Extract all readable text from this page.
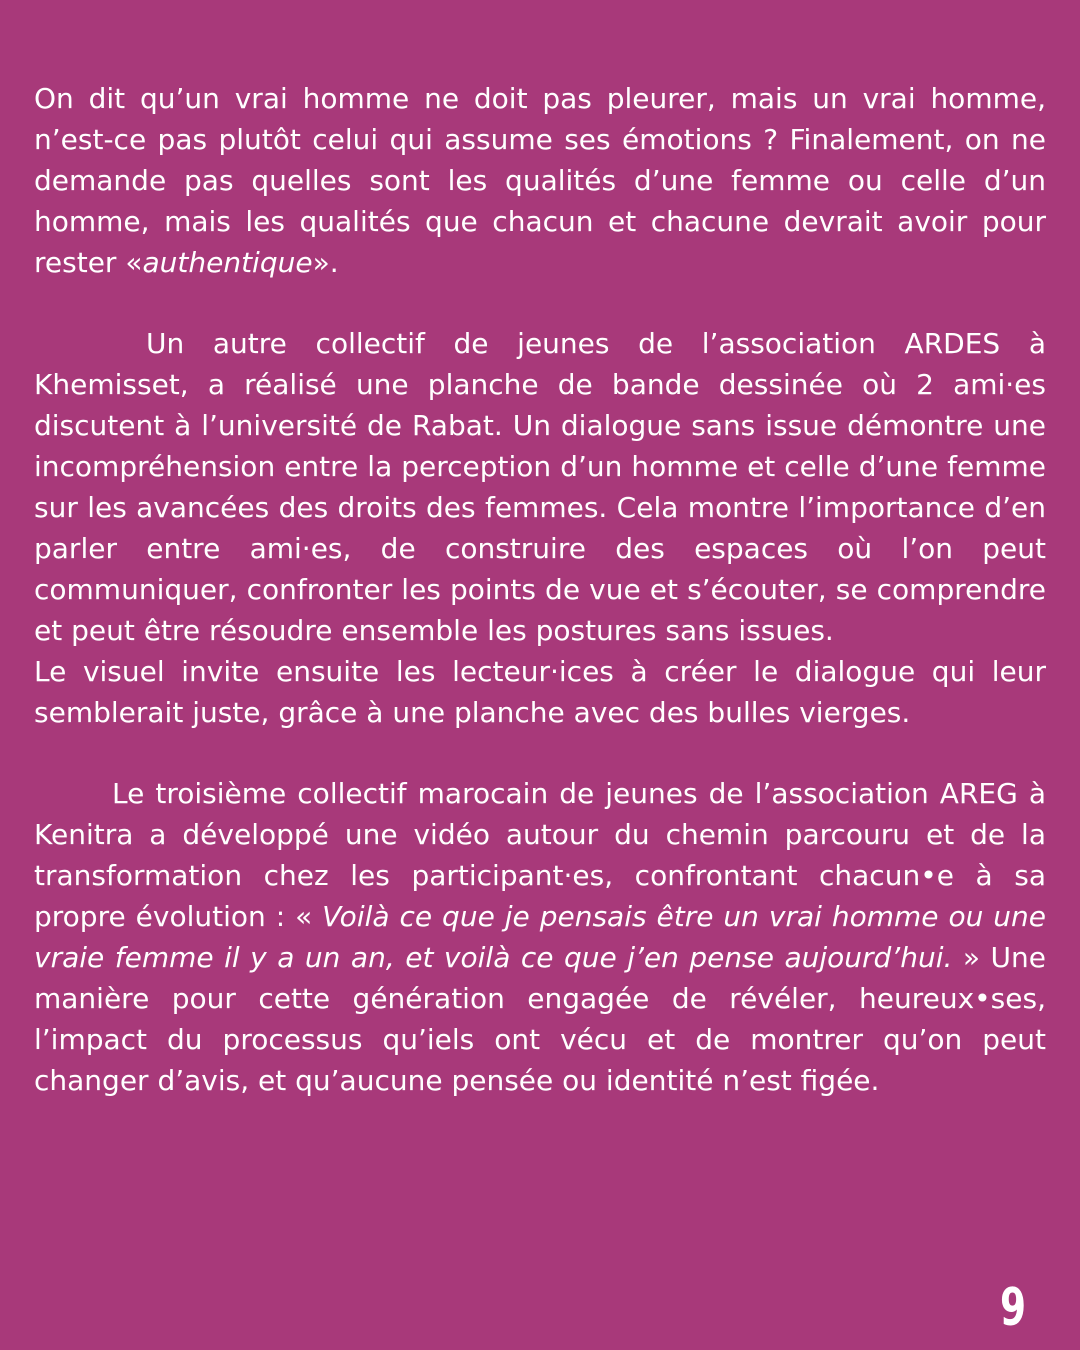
On dit qu’un vrai homme ne doit pas pleurer, mais un vrai homme, n’est-ce pas plutôt celui qui assume ses émotions ? Finalement, on ne demande pas quelles sont les qualités d’une femme ou celle d’un homme, mais les qualités que chacun et chacune devrait avoir pour rester «authentique».

Un autre collectif de jeunes de l’association ARDES à Khemisset, a réalisé une planche de bande dessinée où 2 ami·es discutent à l’université de Rabat. Un dialogue sans issue démontre une incompréhension entre la perception d’un homme et celle d’une femme sur les avancées des droits des femmes. Cela montre l’importance d’en parler entre ami·es, de construire des espaces où l’on peut communiquer, confronter les points de vue et s’écouter, se comprendre et peut être résoudre ensemble les postures sans issues.

Le visuel invite ensuite les lecteur·ices à créer le dialogue qui leur semblerait juste, grâce à une planche avec des bulles vierges.

Le troisième collectif marocain de jeunes de l’association AREG à Kenitra a développé une vidéo autour du chemin parcouru et de la transformation chez les participant·es, confrontant chacun•e à sa propre évolution : « Voilà ce que je pensais être un vrai homme ou une vraie femme il y a un an, et voilà ce que j’en pense aujourd’hui. » Une manière pour cette génération engagée de révéler, heureux•ses, l’impact du processus qu’iels ont vécu et de montrer qu’on peut changer d’avis, et qu’aucune pensée ou identité n’est figée.

9
